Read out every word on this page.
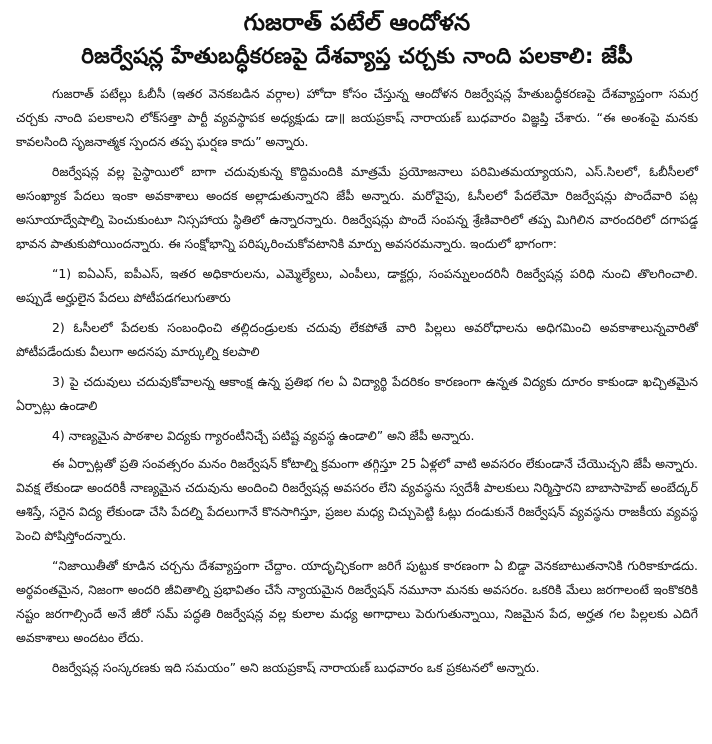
గుజరాత్ పటేల్ ఆందోళన
రిజర్వేషన్ల హేతుబద్ధీకరణపై దేశవ్యాప్త చర్చకు నాంది పలకాలి: జేపీ

గుజరాత్ పటేల్లు ఓబీసీ (ఇతర వెనకబడిన వర్గాల) హోదా కోసం చేస్తున్న ఆందోళన రిజర్వేషన్ల హేతుబద్ధీకరణపై దేశవ్యాప్తంగా సమగ్ర చర్చకు నాంది పలకాలని లోక్‌సత్తా పార్టీ వ్యవస్థాపక అధ్యక్షుడు డా॥ జయప్రకాష్ నారాయణ్ బుధవారం విజ్ఞప్తి చేశారు. “ఈ అంశంపై మనకు కావలసింది సృజనాత్మక స్పందన తప్ప ఘర్షణ కాదు” అన్నారు.

రిజర్వేషన్ల వల్ల పైస్థాయిలో బాగా చదువుకున్న కొద్దిమందికి మాత్రమే ప్రయోజనాలు పరిమితమయ్యాయని, ఎస్.సిలలో, ఓబీసీలలో అసంఖ్యాక పేదలు ఇంకా అవకాశాలు అందక అల్లాడుతున్నారని జేపీ అన్నారు. మరోవైపు, ఓసీలలో పేదలేమో రిజర్వేషన్లు పొందేవారి పట్ల అసూయాద్వేషాల్ని పెంచుకుంటూ నిస్సహాయ స్థితిలో ఉన్నారన్నారు. రిజర్వేషన్లు పొందే సంపన్న శ్రేణివారిలో తప్ప మిగిలిన వారందరిలో దగాపడ్డ భావన పాతుకుపోయిందన్నారు. ఈ సంక్షోభాన్ని పరిష్కరించుకోవటానికి మార్పు అవసరమన్నారు. ఇందులో భాగంగా:

“1) ఐఏఎస్, ఐపీఎస్, ఇతర అధికారులను, ఎమ్మెల్యేలు, ఎంపీలు, డాక్టర్లు, సంపన్నులందరినీ రిజర్వేషన్ల పరిధి నుంచి తొలగించాలి. అప్పుడే అర్హులైన పేదలు పోటీపడగలుగుతారు

2) ఓసీలలో పేదలకు సంబంధించి తల్లిదండ్రులకు చదువు లేకపోతే వారి పిల్లలు అవరోధాలను అధిగమించి అవకాశాలున్నవారితో పోటీపడేందుకు వీలుగా అదనపు మార్కుల్ని కలపాలి

3) పై చదువులు చదువుకోవాలన్న ఆకాంక్ష ఉన్న ప్రతిభ గల ఏ విద్యార్థి పేదరికం కారణంగా ఉన్నత విద్యకు దూరం కాకుండా ఖచ్చితమైన ఏర్పాట్లు ఉండాలి

4) నాణ్యమైన పాఠశాల విద్యకు గ్యారంటీనిచ్చే పటిష్ట వ్యవస్థ ఉండాలి” అని జేపీ అన్నారు.

ఈ ఏర్పాట్లతో ప్రతి సంవత్సరం మనం రిజర్వేషన్ కోటాల్ని క్రమంగా తగ్గిస్తూ 25 ఏళ్లలో వాటి అవసరం లేకుండానే చేయొచ్చని జేపీ అన్నారు. వివక్ష లేకుండా అందరికీ నాణ్యమైన చదువును అందించి రిజర్వేషన్ల అవసరం లేని వ్యవస్థను స్వదేశీ పాలకులు నిర్మిస్తారని బాబాసాహెబ్ అంబేద్కర్ ఆశిస్తే, సరైన విద్య లేకుండా చేసి పేదల్ని పేదలుగానే కొనసాగిస్తూ, ప్రజల మధ్య చిచ్చుపెట్టి ఓట్లు దండుకునే రిజర్వేషన్ వ్యవస్థను రాజకీయ వ్యవస్థ పెంచి పోషిస్తోందన్నారు.

“నిజాయితీతో కూడిన చర్చను దేశవ్యాప్తంగా చేద్దాం. యాదృచ్ఛికంగా జరిగే పుట్టుక కారణంగా ఏ బిడ్డా వెనకబాటుతనానికి గురికాకూడదు. అర్థవంతమైన, నిజంగా అందరి జీవితాల్ని ప్రభావితం చేసే న్యాయమైన రిజర్వేషన్ నమూనా మనకు అవసరం. ఒకరికి మేలు జరగాలంటే ఇంకొకరికి నష్టం జరగాల్సిందే అనే జీరో సమ్ పద్ధతి రిజర్వేషన్ల వల్ల కులాల మధ్య అగాధాలు పెరుగుతున్నాయి, నిజమైన పేద, అర్హత గల పిల్లలకు ఎదిగే అవకాశాలు అందటం లేదు.

రిజర్వేషన్ల సంస్కరణకు ఇది సమయం” అని జయప్రకాష్ నారాయణ్ బుధవారం ఒక ప్రకటనలో అన్నారు.
